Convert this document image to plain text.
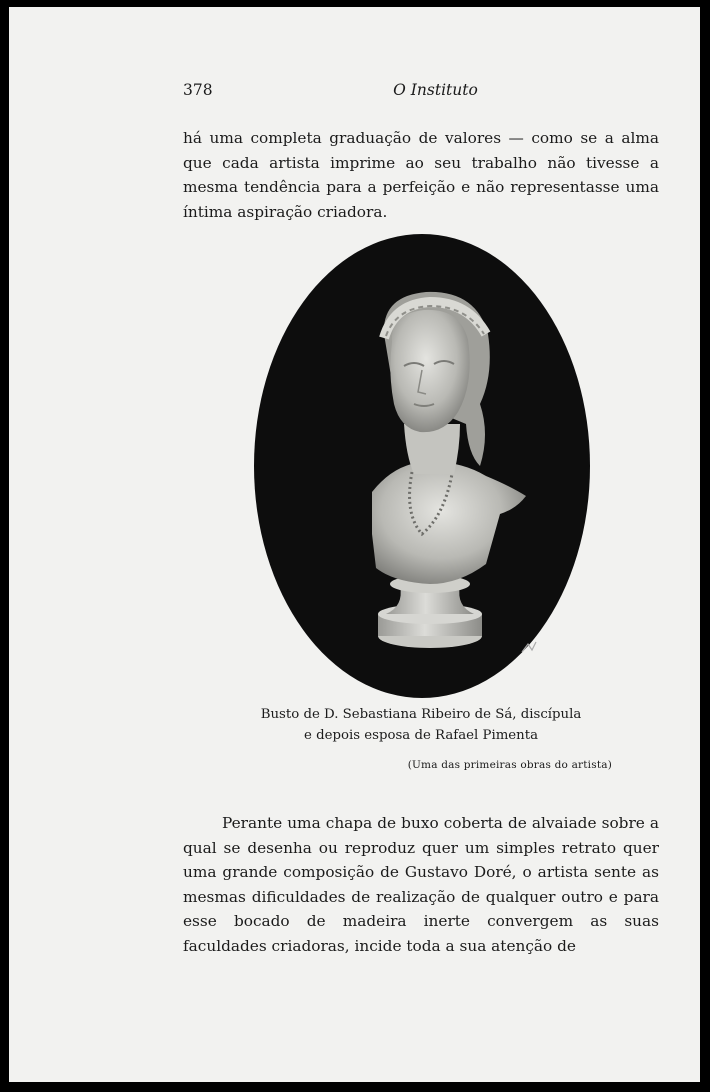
378	O Instituto

há uma completa graduação de valores — como se a alma que cada artista imprime ao seu trabalho não tivesse a mesma tendência para a perfeição e não representasse uma íntima aspiração criadora.

Busto de D. Sebastiana Ribeiro de Sá, discípula
e depois esposa de Rafael Pimenta
(Uma das primeiras obras do artista)

Perante uma chapa de buxo coberta de alvaiade sobre a qual se desenha ou reproduz quer um simples retrato quer uma grande composição de Gustavo Doré, o artista sente as mesmas dificuldades de realização de qualquer outro e para esse bocado de madeira inerte convergem as suas faculdades criadoras, incide toda a sua atenção de
